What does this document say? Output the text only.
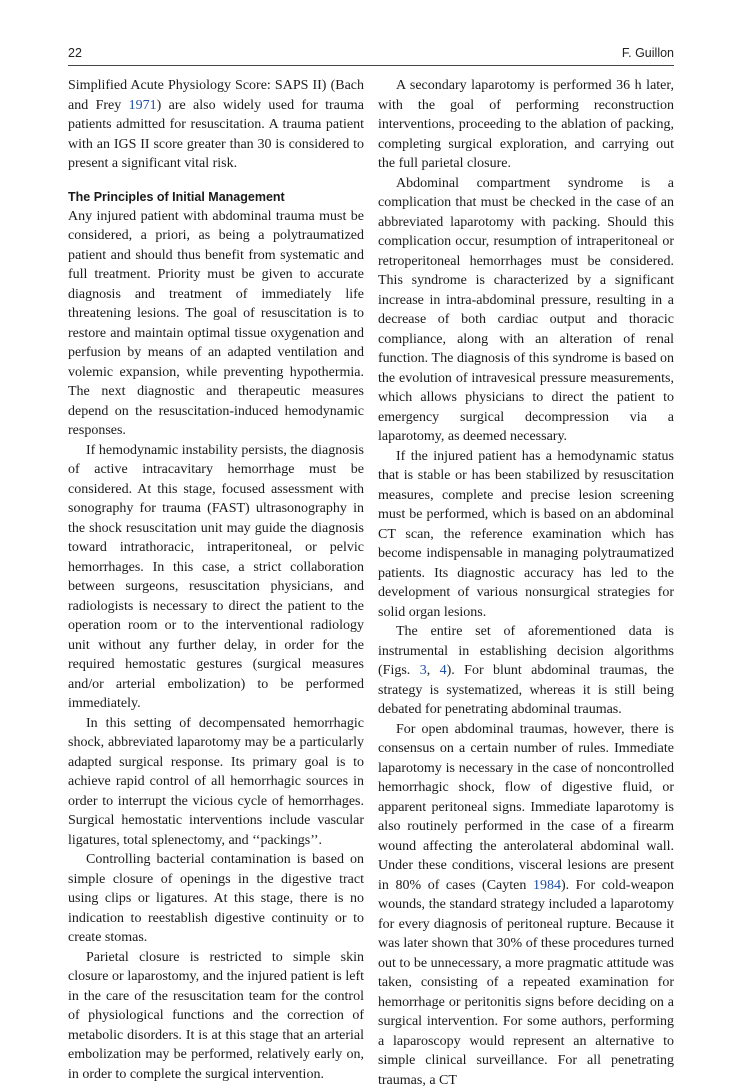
22	F. Guillon

Simplified Acute Physiology Score: SAPS II) (Bach and Frey 1971) are also widely used for trauma patients admitted for resuscitation. A trauma patient with an IGS II score greater than 30 is considered to present a significant vital risk.

The Principles of Initial Management

Any injured patient with abdominal trauma must be considered, a priori, as being a polytraumatized patient and should thus benefit from systematic and full treatment. Priority must be given to accurate diagnosis and treatment of immediately life threatening lesions. The goal of resuscitation is to restore and maintain optimal tissue oxygenation and perfusion by means of an adapted ventilation and volemic expansion, while preventing hypothermia. The next diagnostic and therapeutic measures depend on the resuscitation-induced hemodynamic responses.

If hemodynamic instability persists, the diagnosis of active intracavitary hemorrhage must be considered. At this stage, focused assessment with sonography for trauma (FAST) ultrasonography in the shock resuscitation unit may guide the diagnosis toward intrathoracic, intraperitoneal, or pelvic hemorrhages. In this case, a strict collaboration between surgeons, resuscitation physicians, and radiologists is necessary to direct the patient to the operation room or to the interventional radiology unit without any further delay, in order for the required hemostatic gestures (surgical measures and/or arterial embolization) to be performed immediately.

In this setting of decompensated hemorrhagic shock, abbreviated laparotomy may be a particularly adapted surgical response. Its primary goal is to achieve rapid control of all hemorrhagic sources in order to interrupt the vicious cycle of hemorrhages. Surgical hemostatic interventions include vascular ligatures, total splenectomy, and ‘‘packings’’.

Controlling bacterial contamination is based on simple closure of openings in the digestive tract using clips or ligatures. At this stage, there is no indication to reestablish digestive continuity or to create stomas.

Parietal closure is restricted to simple skin closure or laparostomy, and the injured patient is left in the care of the resuscitation team for the control of physiological functions and the correction of metabolic disorders. It is at this stage that an arterial embolization may be performed, relatively early on, in order to complete the surgical intervention.

A secondary laparotomy is performed 36 h later, with the goal of performing reconstruction interventions, proceeding to the ablation of packing, completing surgical exploration, and carrying out the full parietal closure.

Abdominal compartment syndrome is a complication that must be checked in the case of an abbreviated laparotomy with packing. Should this complication occur, resumption of intraperitoneal or retroperitoneal hemorrhages must be considered. This syndrome is characterized by a significant increase in intra-abdominal pressure, resulting in a decrease of both cardiac output and thoracic compliance, along with an alteration of renal function. The diagnosis of this syndrome is based on the evolution of intravesical pressure measurements, which allows physicians to direct the patient to emergency surgical decompression via a laparotomy, as deemed necessary.

If the injured patient has a hemodynamic status that is stable or has been stabilized by resuscitation measures, complete and precise lesion screening must be performed, which is based on an abdominal CT scan, the reference examination which has become indispensable in managing polytraumatized patients. Its diagnostic accuracy has led to the development of various nonsurgical strategies for solid organ lesions.

The entire set of aforementioned data is instrumental in establishing decision algorithms (Figs. 3, 4). For blunt abdominal traumas, the strategy is systematized, whereas it is still being debated for penetrating abdominal traumas.

For open abdominal traumas, however, there is consensus on a certain number of rules. Immediate laparotomy is necessary in the case of noncontrolled hemorrhagic shock, flow of digestive fluid, or apparent peritoneal signs. Immediate laparotomy is also routinely performed in the case of a firearm wound affecting the anterolateral abdominal wall. Under these conditions, visceral lesions are present in 80% of cases (Cayten 1984). For cold-weapon wounds, the standard strategy included a laparotomy for every diagnosis of peritoneal rupture. Because it was later shown that 30% of these procedures turned out to be unnecessary, a more pragmatic attitude was taken, consisting of a repeated examination for hemorrhage or peritonitis signs before deciding on a surgical intervention. For some authors, performing a laparoscopy would represent an alternative to simple clinical surveillance. For all penetrating traumas, a CT
